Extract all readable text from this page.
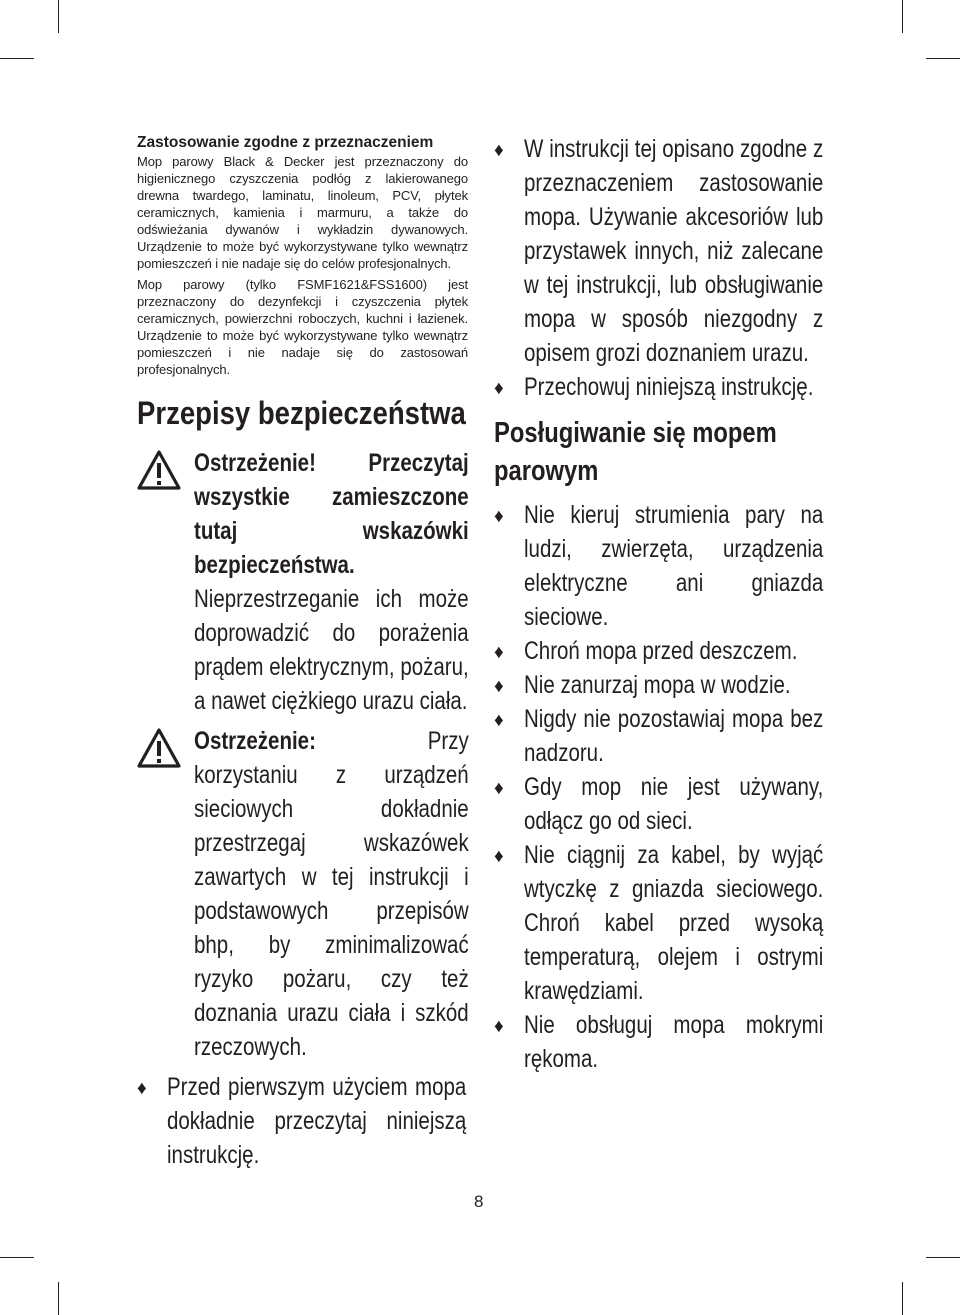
Zastosowanie zgodne z przeznaczeniem

Mop parowy Black & Decker jest przeznaczony do higienicznego czyszczenia podłóg z lakierowanego drewna twardego, laminatu, linoleum, PCV, płytek ceramicznych, kamienia i marmuru, a także do odświeżania dywanów i wykładzin dywanowych. Urządzenie to może być wykorzystywane tylko wewnątrz pomieszczeń i nie nadaje się do celów profesjonalnych.

Mop parowy (tylko FSMF1621&FSS1600) jest przeznaczony do dezynfekcji i czyszczenia płytek ceramicznych, powierzchni roboczych, kuchni i łazienek. Urządzenie to może być wykorzystywane tylko wewnątrz pomieszczeń i nie nadaje się do zastosowań profesjonalnych.

Przepisy bezpieczeństwa

Ostrzeżenie! Przeczytaj wszystkie zamieszczone tutaj wskazówki bezpieczeństwa. Nieprzestrzeganie ich może doprowadzić do porażenia prądem elektrycznym, pożaru, a nawet ciężkiego urazu ciała.

Ostrzeżenie:	Przy korzystaniu z urządzeń sieciowych dokładnie przestrzegaj wskazówek zawartych w tej instrukcji i podstawowych przepisów bhp, by zminimalizować ryzyko pożaru, czy też doznania urazu ciała i szkód rzeczowych.

♦ Przed pierwszym użyciem mopa dokładnie przeczytaj niniejszą instrukcję.

♦ W instrukcji tej opisano zgodne z przeznaczeniem zastosowanie mopa. Używanie akcesoriów lub przystawek innych, niż zalecane w tej instrukcji, lub obsługiwanie mopa w sposób niezgodny z opisem grozi doznaniem urazu.

♦ Przechowuj niniejszą instrukcję.

Posługiwanie się mopem parowym
♦ Nie kieruj strumienia pary na ludzi, zwierzęta, urządzenia elektryczne ani gniazda sieciowe.

♦ Chroń mopa przed deszczem.

♦ Nie zanurzaj mopa w wodzie.

♦ Nigdy nie pozostawiaj mopa bez nadzoru.

♦ Gdy mop nie jest używany, odłącz go od sieci.

♦ Nie ciągnij za kabel, by wyjąć wtyczkę z gniazda sieciowego. Chroń kabel przed wysoką temperaturą, olejem i ostrymi krawędziami.

♦ Nie obsługuj mopa mokrymi rękoma.

8
